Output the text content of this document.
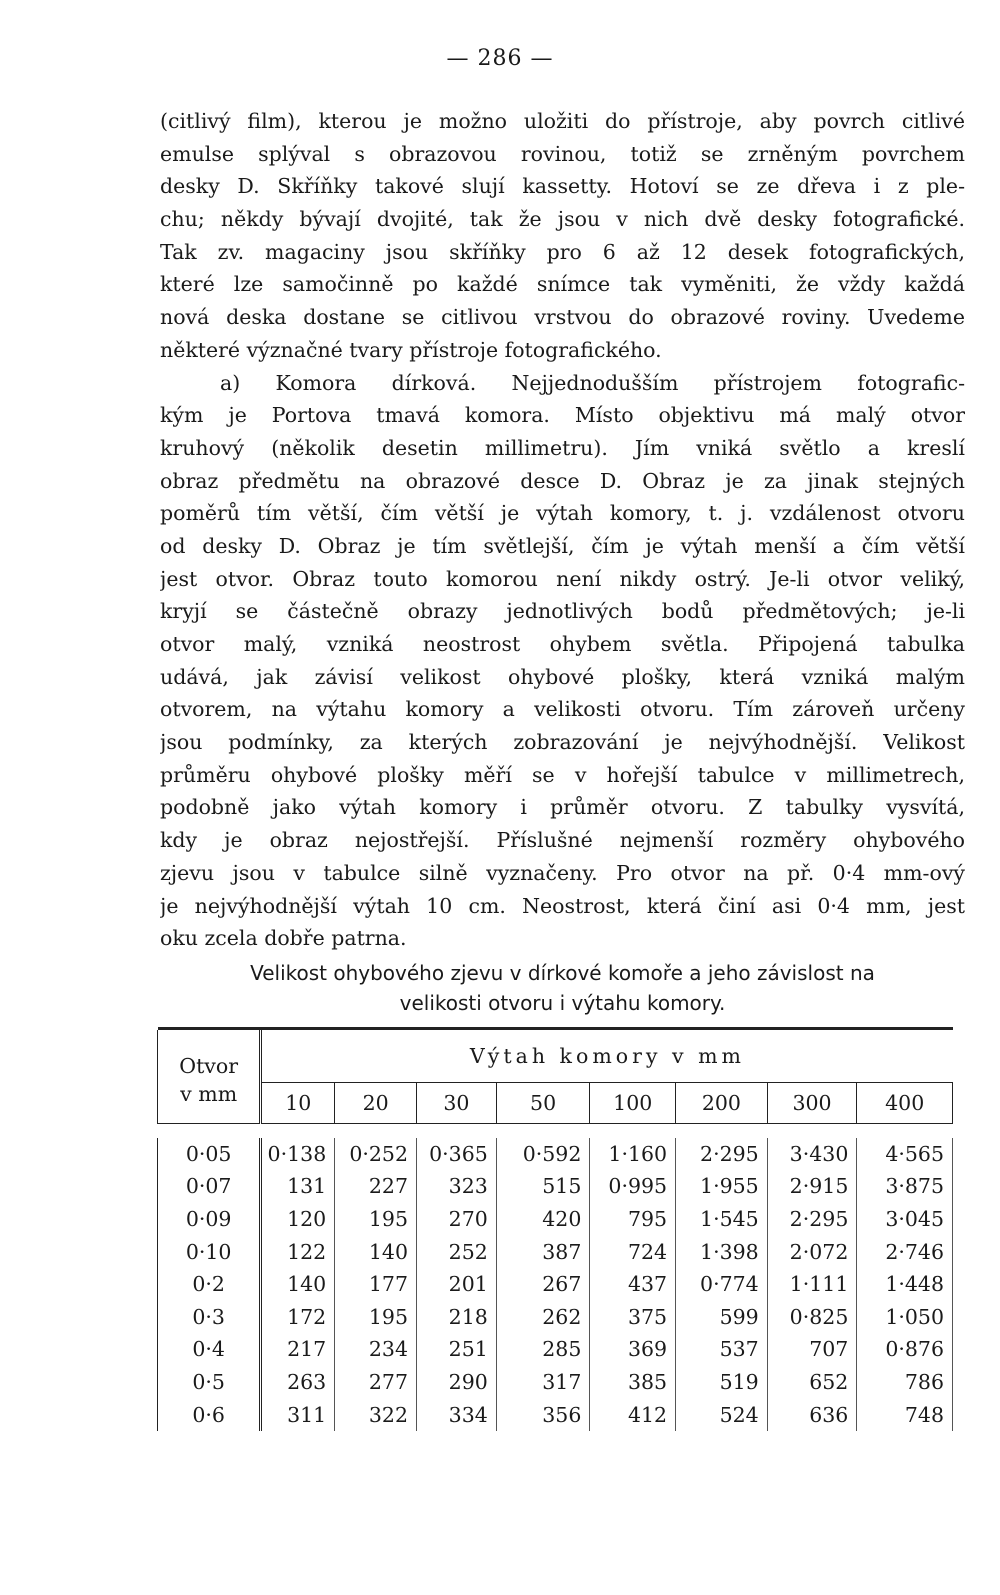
— 286 —
(citlivý film), kterou je možno uložiti do přístroje, aby povrch citlivé
emulse splýval s obrazovou rovinou, totiž se zrněným povrchem
desky D. Skříňky takové slují kassetty. Hotoví se ze dřeva i z ple-
chu; někdy bývají dvojité, tak že jsou v nich dvě desky fotografické.
Tak zv. magaciny jsou skříňky pro 6 až 12 desek fotografických,
které lze samočinně po každé snímce tak vyměniti, že vždy každá
nová deska dostane se citlivou vrstvou do obrazové roviny. Uvedeme
některé význačné tvary přístroje fotografického.
a) Komora dírková. Nejjednodušším přístrojem fotografic-
kým je Portova tmavá komora. Místo objektivu má malý otvor
kruhový (několik desetin millimetru). Jím vniká světlo a kreslí
obraz předmětu na obrazové desce D. Obraz je za jinak stejných
poměrů tím větší, čím větší je výtah komory, t. j. vzdálenost otvoru
od desky D. Obraz je tím světlejší, čím je výtah menší a čím větší
jest otvor. Obraz touto komorou není nikdy ostrý. Je-li otvor veliký,
kryjí se částečně obrazy jednotlivých bodů předmětových; je-li
otvor malý, vzniká neostrost ohybem světla. Připojená tabulka
udává, jak závisí velikost ohybové plošky, která vzniká malým
otvorem, na výtahu komory a velikosti otvoru. Tím zároveň určeny
jsou podmínky, za kterých zobrazování je nejvýhodnější. Velikost
průměru ohybové plošky měří se v hořejší tabulce v millimetrech,
podobně jako výtah komory i průměr otvoru. Z tabulky vysvítá,
kdy je obraz nejostřejší. Příslušné nejmenší rozměry ohybového
zjevu jsou v tabulce silně vyznačeny. Pro otvor na př. 0·4 mm-ový
je nejvýhodnější výtah 10 cm. Neostrost, která činí asi 0·4 mm, jest
oku zcela dobře patrna.
Velikost ohybového zjevu v dírkové komoře a jeho závislost na
velikosti otvoru i výtahu komory.

Otvor	Výtah komory v mm							
v mm	10	20	30	50	100	200	300	400

0·05	0·138	0·252	0·365	0·592	1·160	2·295	3·430	4·565
0·07	131	227	323	515	0·995	1·955	2·915	3·875
0·09	120	195	270	420	795	1·545	2·295	3·045
0·10	122	140	252	387	724	1·398	2·072	2·746
0·2	140	177	201	267	437	0·774	1·111	1·448
0·3	172	195	218	262	375	599	0·825	1·050
0·4	217	234	251	285	369	537	707	0·876
0·5	263	277	290	317	385	519	652	786
0·6	311	322	334	356	412	524	636	748
